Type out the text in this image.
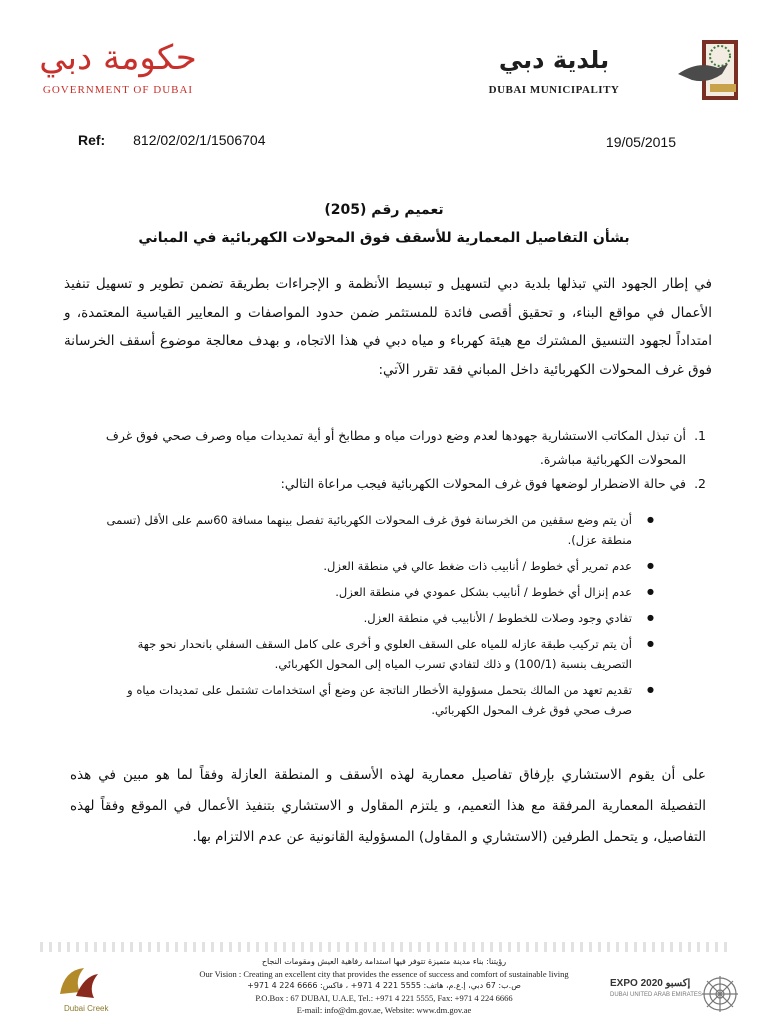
حكومة دبي
GOVERNMENT OF DUBAI
بلدية دبي
DUBAI MUNICIPALITY
Ref: 812/02/02/1/1506704	19/05/2015
تعميم رقم (205)
بشأن التفاصيل المعمارية للأسقف فوق المحولات الكهربائية في المباني
في إطار الجهود التي تبذلها بلدية دبي لتسهيل و تبسيط الأنظمة و الإجراءات بطريقة تضمن تطوير و تسهيل تنفيذ الأعمال في مواقع البناء، و تحقيق أقصى فائدة للمستثمر ضمن حدود المواصفات و المعايير القياسية المعتمدة، و امتداداً لجهود التنسيق المشترك مع هيئة كهرباء و مياه دبي في هذا الاتجاه، و بهدف معالجة موضوع أسقف الخرسانة فوق غرف المحولات الكهربائية داخل المباني فقد تقرر الآتي:
1.
أن تبذل المكاتب الاستشارية جهودها لعدم وضع دورات مياه و مطابخ أو أية تمديدات مياه وصرف صحي فوق غرف المحولات الكهربائية مباشرة.
2.
في حالة الاضطرار لوضعها فوق غرف المحولات الكهربائية فيجب مراعاة التالي:
● أن يتم وضع سقفين من الخرسانة فوق غرف المحولات الكهربائية تفصل بينهما مسافة 60سم على الأقل (تسمى منطقة عزل).
● عدم تمرير أي خطوط / أنابيب ذات ضغط عالي في منطقة العزل.
● عدم إنزال أي خطوط / أنابيب بشكل عمودي في منطقة العزل.
● تفادي وجود وصلات للخطوط / الأنابيب في منطقة العزل.
● أن يتم تركيب طبقة عازله للمياه على السقف العلوي و أخرى على كامل السقف السفلي بانحدار نحو جهة التصريف بنسبة (100/1) و ذلك لتفادي تسرب المياه إلى المحول الكهربائي.
● تقديم تعهد من المالك بتحمل مسؤولية الأخطار الناتجة عن وضع أي استخدامات تشتمل على تمديدات مياه و صرف صحي فوق غرف المحول الكهربائي.
على أن يقوم الاستشاري بإرفاق تفاصيل معمارية لهذه الأسقف و المنطقة العازلة وفقاً لما هو مبين في هذه التفصيلة المعمارية المرفقة مع هذا التعميم، و يلتزم المقاول و الاستشاري بتنفيذ الأعمال في الموقع وفقاً لهذه التفاصيل، و يتحمل الطرفين (الاستشاري و المقاول) المسؤولية القانونية عن عدم الالتزام بها.
Dubai Creek
رؤيتنا: بناء مدينة متميزة تتوفر فيها استدامة رفاهية العيش ومقومات النجاح
Our Vision : Creating an excellent city that provides the essence of success and comfort of sustainable living
ص.ب: 67 دبي، إ.ع.م، هاتف: 5555 221 4 971+ ، فاكس: 6666 224 4 971+
P.O.Box : 67 DUBAI, U.A.E, Tel.: +971 4 221 5555, Fax: +971 4 224 6666
E-mail: info@dm.gov.ae, Website: www.dm.gov.ae
EXPO 2020 إكسبو
DUBAI UNITED ARAB EMIRATES
